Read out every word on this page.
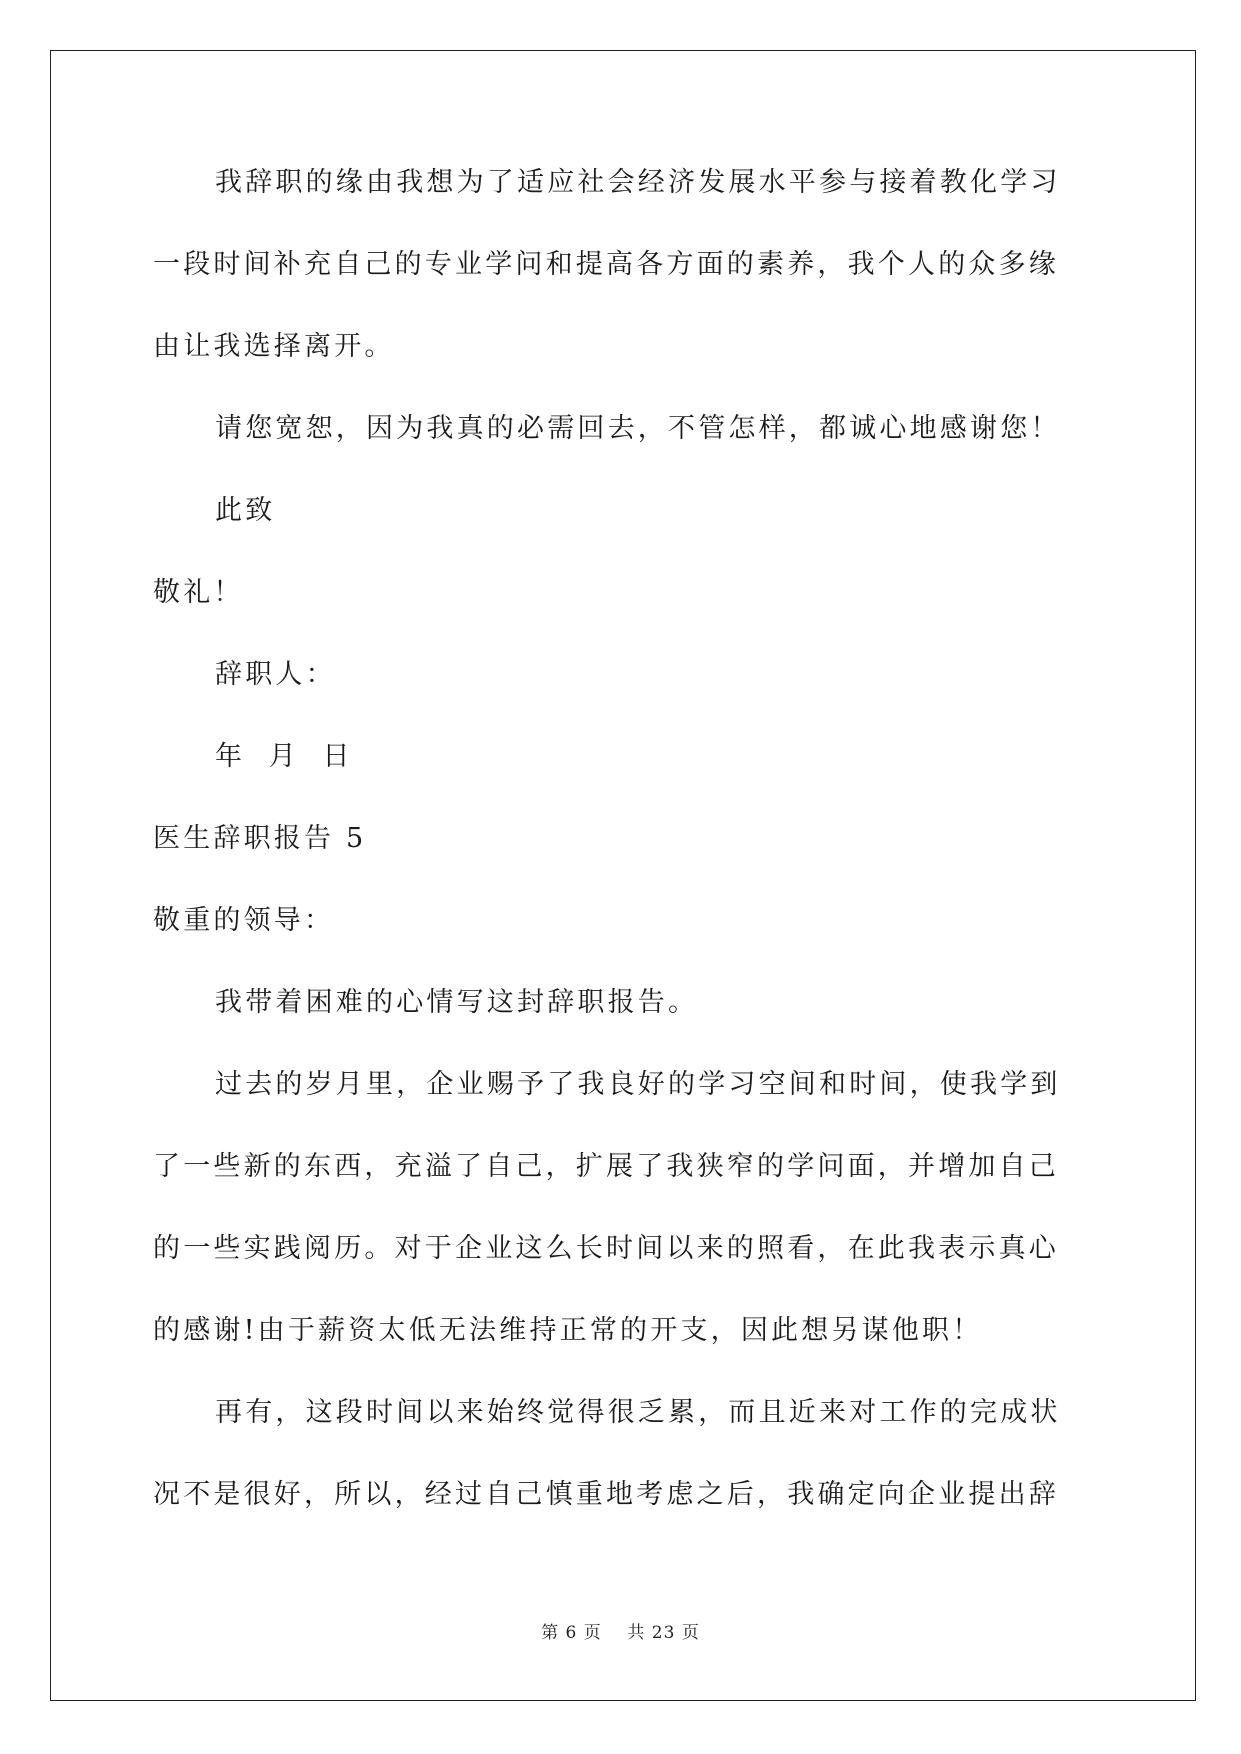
我辞职的缘由我想为了适应社会经济发展水平参与接着教化学习
一段时间补充自己的专业学问和提高各方面的素养，我个人的众多缘
由让我选择离开。
请您宽恕，因为我真的必需回去，不管怎样，都诚心地感谢您！
此致
敬礼！
辞职人：
年  月  日
医生辞职报告 5
敬重的领导：
我带着困难的心情写这封辞职报告。
过去的岁月里，企业赐予了我良好的学习空间和时间，使我学到
了一些新的东西，充溢了自己，扩展了我狭窄的学问面，并增加自己
的一些实践阅历。对于企业这么长时间以来的照看，在此我表示真心
的感谢!由于薪资太低无法维持正常的开支，因此想另谋他职！
再有，这段时间以来始终觉得很乏累，而且近来对工作的完成状
况不是很好，所以，经过自己慎重地考虑之后，我确定向企业提出辞
第 6 页    共 23 页
